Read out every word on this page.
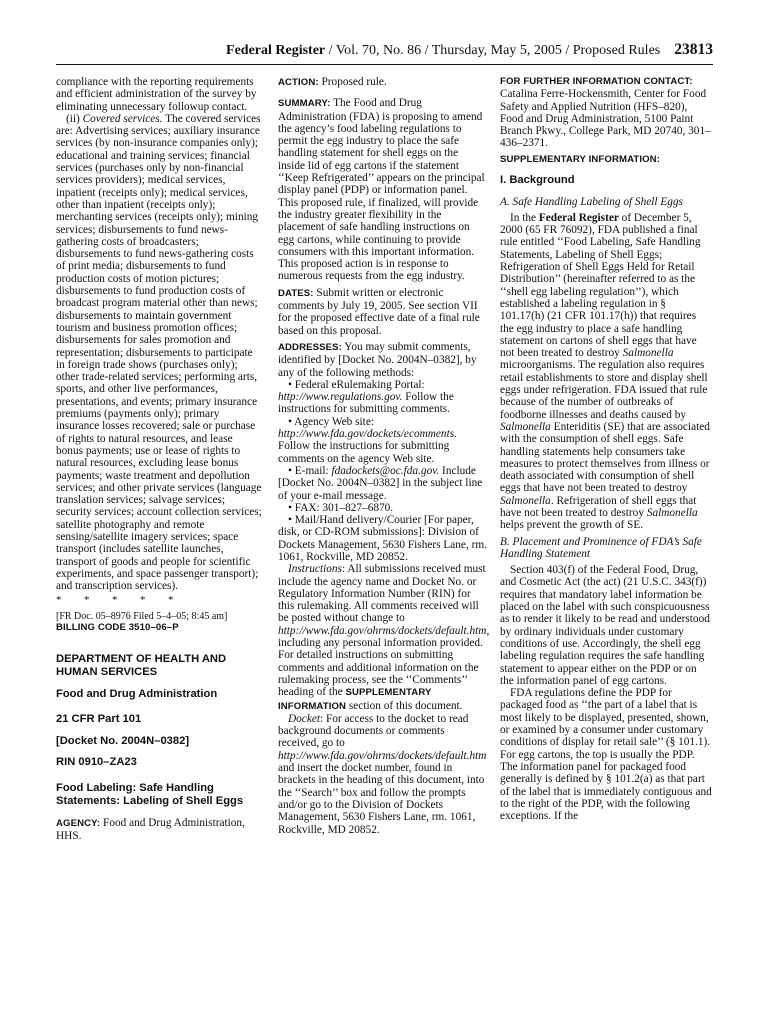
Federal Register / Vol. 70, No. 86 / Thursday, May 5, 2005 / Proposed Rules 23813

compliance with the reporting requirements and efficient administration of the survey by eliminating unnecessary followup contact.

(ii) Covered services. The covered services are: Advertising services; auxiliary insurance services (by non-insurance companies only); educational and training services; financial services (purchases only by non-financial services providers); medical services, inpatient (receipts only); medical services, other than inpatient (receipts only); merchanting services (receipts only); mining services; disbursements to fund news-gathering costs of broadcasters; disbursements to fund news-gathering costs of print media; disbursements to fund production costs of motion pictures; disbursements to fund production costs of broadcast program material other than news; disbursements to maintain government tourism and business promotion offices; disbursements for sales promotion and representation; disbursements to participate in foreign trade shows (purchases only); other trade-related services; performing arts, sports, and other live performances, presentations, and events; primary insurance premiums (payments only); primary insurance losses recovered; sale or purchase of rights to natural resources, and lease bonus payments; use or lease of rights to natural resources, excluding lease bonus payments; waste treatment and depollution services; and other private services (language translation services; salvage services; security services; account collection services; satellite photography and remote sensing/satellite imagery services; space transport (includes satellite launches, transport of goods and people for scientific experiments, and space passenger transport); and transcription services).

* * * * *

[FR Doc. 05–8976 Filed 5–4–05; 8:45 am]

BILLING CODE 3510–06–P

DEPARTMENT OF HEALTH AND HUMAN SERVICES

Food and Drug Administration

21 CFR Part 101

[Docket No. 2004N–0382]

RIN 0910–ZA23

Food Labeling: Safe Handling Statements: Labeling of Shell Eggs

AGENCY: Food and Drug Administration, HHS.

ACTION: Proposed rule.

SUMMARY: The Food and Drug Administration (FDA) is proposing to amend the agency’s food labeling regulations to permit the egg industry to place the safe handling statement for shell eggs on the inside lid of egg cartons if the statement ‘‘Keep Refrigerated’’ appears on the principal display panel (PDP) or information panel. This proposed rule, if finalized, will provide the industry greater flexibility in the placement of safe handling instructions on egg cartons, while continuing to provide consumers with this important information. This proposed action is in response to numerous requests from the egg industry.

DATES: Submit written or electronic comments by July 19, 2005. See section VII for the proposed effective date of a final rule based on this proposal.

ADDRESSES: You may submit comments, identified by [Docket No. 2004N–0382], by any of the following methods:

• Federal eRulemaking Portal: http://www.regulations.gov. Follow the instructions for submitting comments.

• Agency Web site: http://www.fda.gov/dockets/ecomments. Follow the instructions for submitting comments on the agency Web site.

• E-mail: fdadockets@oc.fda.gov. Include [Docket No. 2004N–0382] in the subject line of your e-mail message.

• FAX: 301–827–6870.

• Mail/Hand delivery/Courier [For paper, disk, or CD-ROM submissions]: Division of Dockets Management, 5630 Fishers Lane, rm. 1061, Rockville, MD 20852.

Instructions: All submissions received must include the agency name and Docket No. or Regulatory Information Number (RIN) for this rulemaking. All comments received will be posted without change to http://www.fda.gov/ohrms/dockets/default.htm, including any personal information provided. For detailed instructions on submitting comments and additional information on the rulemaking process, see the ‘‘Comments’’ heading of the SUPPLEMENTARY INFORMATION section of this document.

Docket: For access to the docket to read background documents or comments received, go to http://www.fda.gov/ohrms/dockets/default.htm and insert the docket number, found in brackets in the heading of this document, into the ‘‘Search’’ box and follow the prompts and/or go to the Division of Dockets Management, 5630 Fishers Lane, rm. 1061, Rockville, MD 20852.

FOR FURTHER INFORMATION CONTACT:

Catalina Ferre-Hockensmith, Center for Food Safety and Applied Nutrition (HFS–820), Food and Drug Administration, 5100 Paint Branch Pkwy., College Park, MD 20740, 301–436–2371.

SUPPLEMENTARY INFORMATION:

I. Background

A. Safe Handling Labeling of Shell Eggs

In the Federal Register of December 5, 2000 (65 FR 76092), FDA published a final rule entitled ‘‘Food Labeling, Safe Handling Statements, Labeling of Shell Eggs; Refrigeration of Shell Eggs Held for Retail Distribution’’ (hereinafter referred to as the ‘‘shell egg labeling regulation’’), which established a labeling regulation in § 101.17(h) (21 CFR 101.17(h)) that requires the egg industry to place a safe handling statement on cartons of shell eggs that have not been treated to destroy Salmonella microorganisms. The regulation also requires retail establishments to store and display shell eggs under refrigeration. FDA issued that rule because of the number of outbreaks of foodborne illnesses and deaths caused by Salmonella Enteriditis (SE) that are associated with the consumption of shell eggs. Safe handling statements help consumers take measures to protect themselves from illness or death associated with consumption of shell eggs that have not been treated to destroy Salmonella. Refrigeration of shell eggs that have not been treated to destroy Salmonella helps prevent the growth of SE.

B. Placement and Prominence of FDA’s Safe Handling Statement

Section 403(f) of the Federal Food, Drug, and Cosmetic Act (the act) (21 U.S.C. 343(f)) requires that mandatory label information be placed on the label with such conspicuousness as to render it likely to be read and understood by ordinary individuals under customary conditions of use. Accordingly, the shell egg labeling regulation requires the safe handling statement to appear either on the PDP or on the information panel of egg cartons.

FDA regulations define the PDP for packaged food as ‘‘the part of a label that is most likely to be displayed, presented, shown, or examined by a consumer under customary conditions of display for retail sale’’ (§ 101.1). For egg cartons, the top is usually the PDP. The information panel for packaged food generally is defined by § 101.2(a) as that part of the label that is immediately contiguous and to the right of the PDP, with the following exceptions. If the
